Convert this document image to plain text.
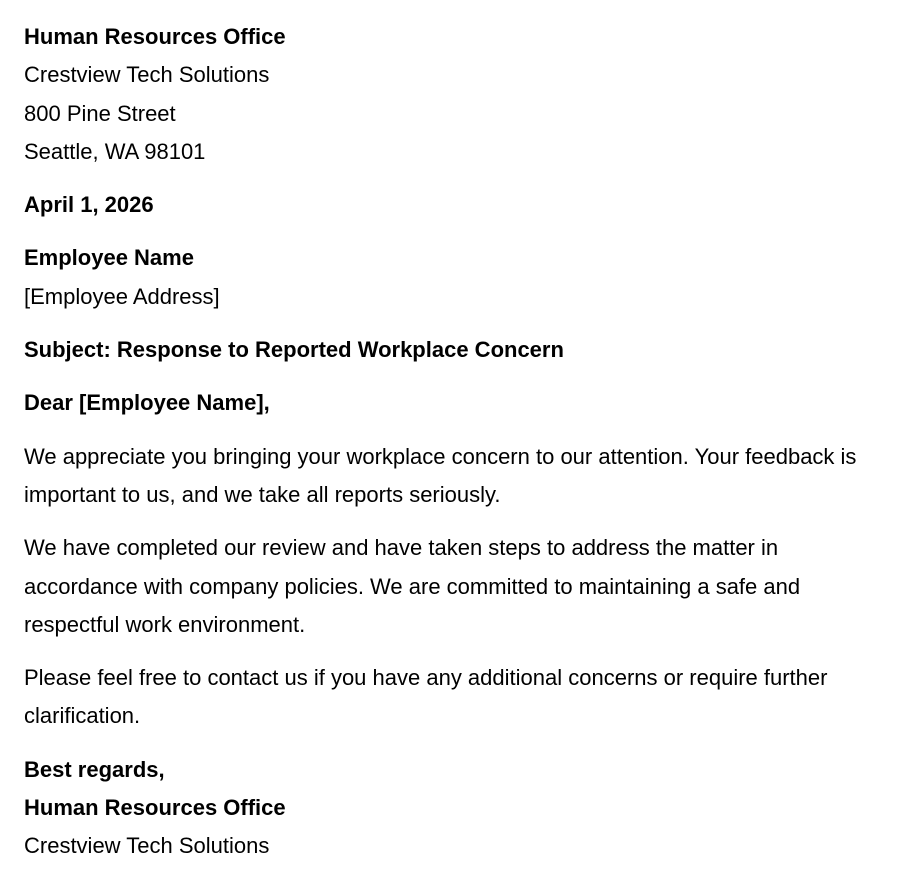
Human Resources Office
Crestview Tech Solutions
800 Pine Street
Seattle, WA 98101
April 1, 2026
Employee Name
[Employee Address]
Subject: Response to Reported Workplace Concern
Dear [Employee Name],

We appreciate you bringing your workplace concern to our attention. Your feedback is important to us, and we take all reports seriously.

We have completed our review and have taken steps to address the matter in accordance with company policies. We are committed to maintaining a safe and respectful work environment.

Please feel free to contact us if you have any additional concerns or require further clarification.

Best regards,
Human Resources Office
Crestview Tech Solutions
